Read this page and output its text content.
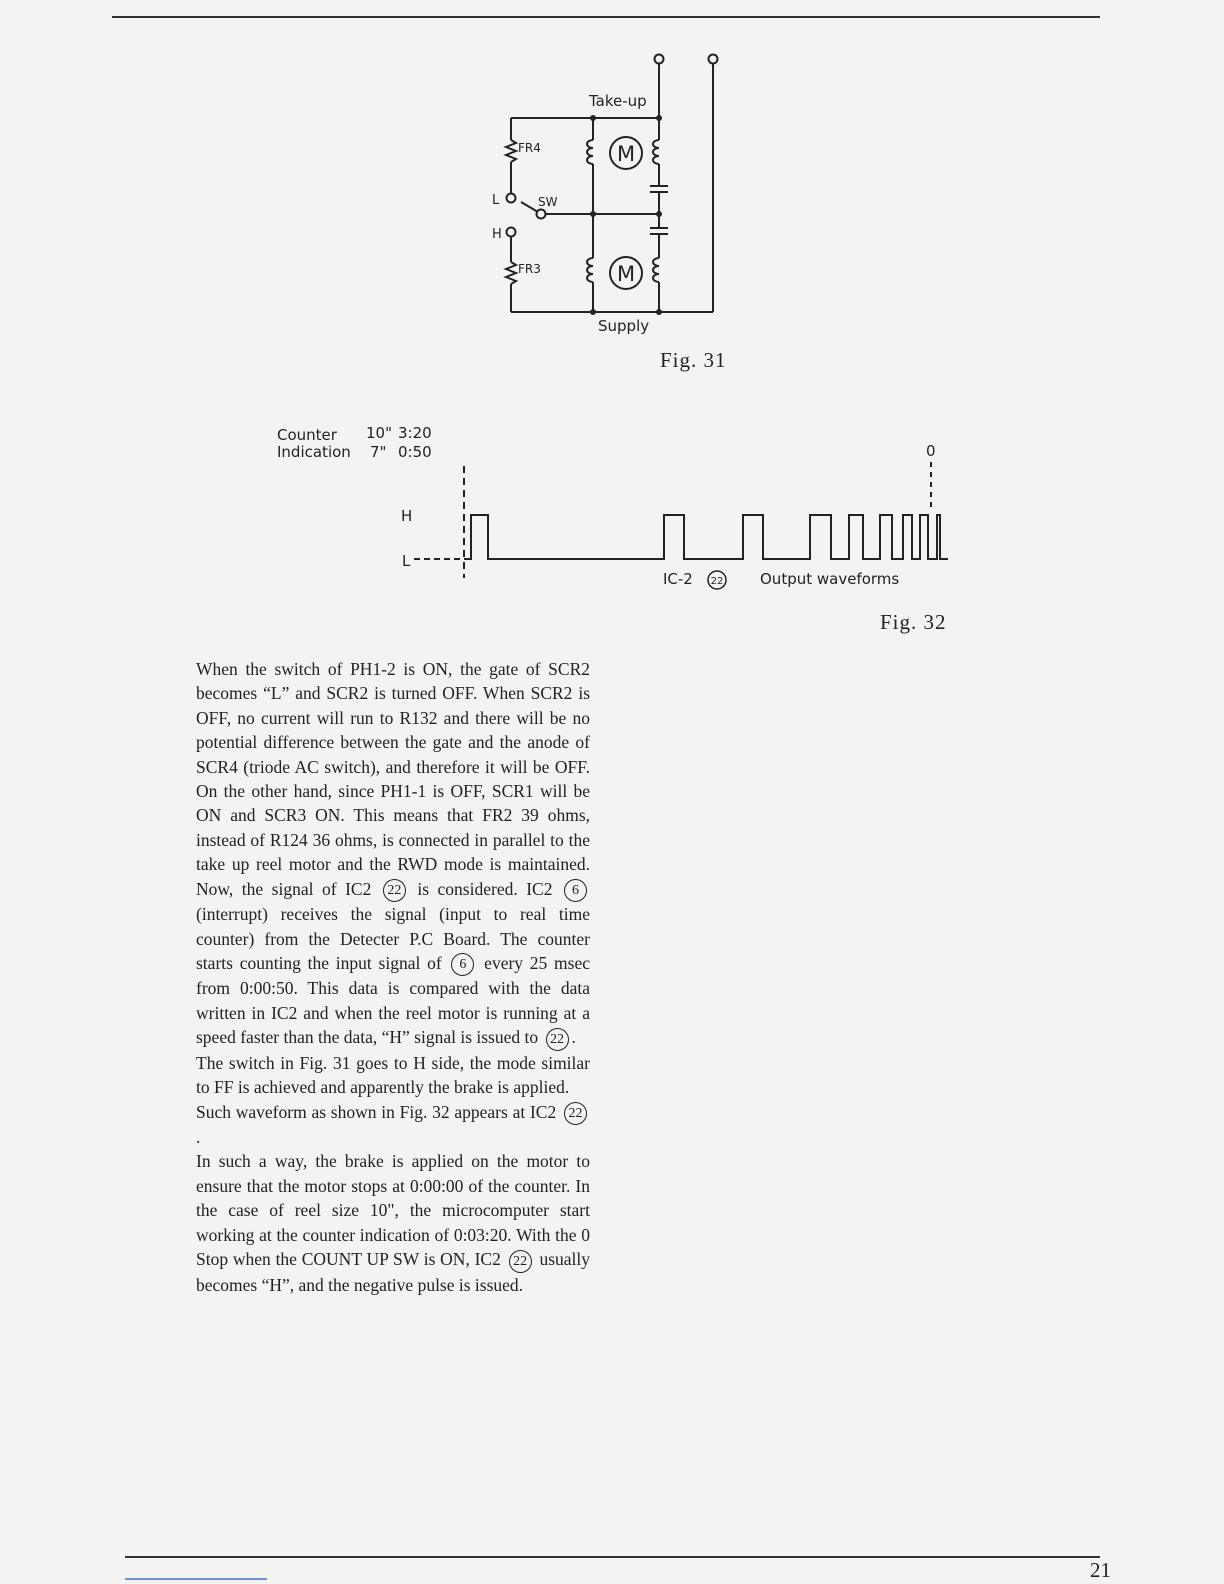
Take-up
FR4
L	SW
H
FR3
M
M
Supply
Counter
Indication
10" 3:20
7" 0:50	0
H
L
IC-2	Output waveforms
22
Fig. 31
Fig. 32

When the switch of PH1-2 is ON, the gate of SCR2 becomes “L” and SCR2 is turned OFF. When SCR2 is OFF, no current will run to R132 and there will be no potential difference between the gate and the anode of SCR4 (triode AC switch), and therefore it will be OFF. On the other hand, since PH1-1 is OFF, SCR1 will be ON and SCR3 ON. This means that FR2 39 ohms, instead of R124 36 ohms, is connected in parallel to the take up reel motor and the RWD mode is maintained. Now, the signal of IC2 22 is considered. IC2 6 (interrupt) receives the signal (input to real time counter) from the Detecter P.C Board. The counter starts counting the input signal of 6 every 25 msec from 0:00:50. This data is compared with the data written in IC2 and when the reel motor is running at a speed faster than the data, “H” signal is issued to 22 .

The switch in Fig. 31 goes to H side, the mode similar to FF is achieved and apparently the brake is applied.

Such waveform as shown in Fig. 32 appears at IC2 22.

In such a way, the brake is applied on the motor to ensure that the motor stops at 0:00:00 of the counter. In the case of reel size 10", the microcomputer start working at the counter indication of 0:03:20. With the 0 Stop when the COUNT UP SW is ON, IC2 22 usually becomes “H”, and the negative pulse is issued.

21
